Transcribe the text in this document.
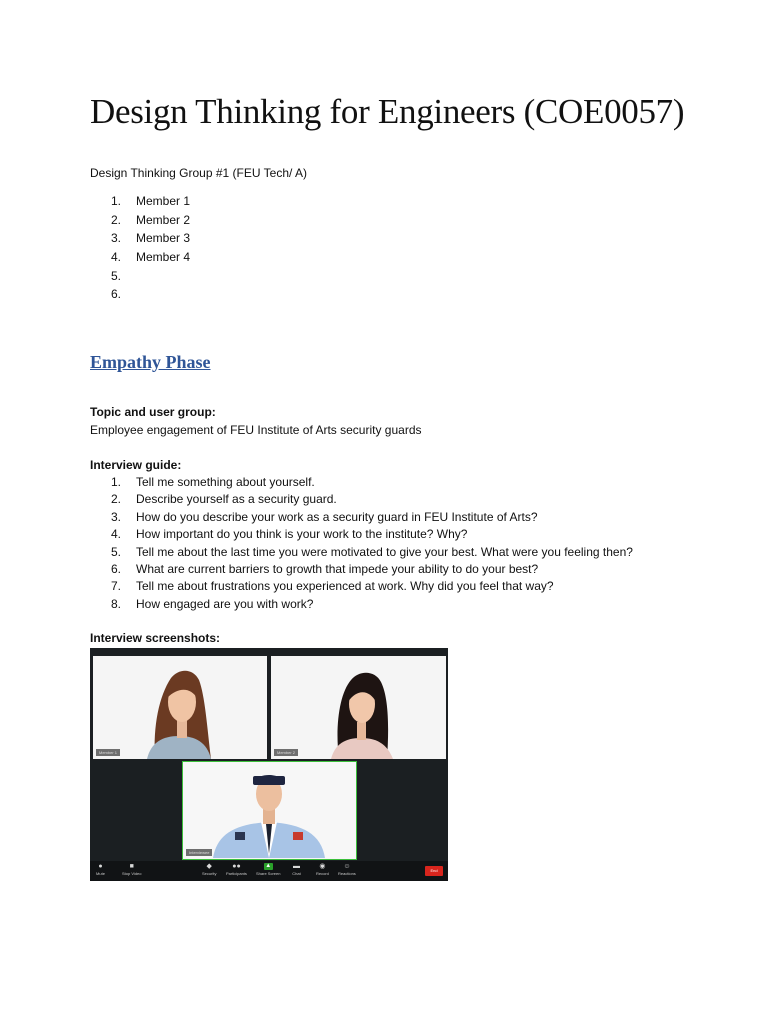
Design Thinking for Engineers (COE0057)
Design Thinking Group #1 (FEU Tech/ A)
1. Member 1
2. Member 2
3. Member 3
4. Member 4
5.
6.
Empathy Phase
Topic and user group:
Employee engagement of FEU Institute of Arts security guards
Interview guide:
1. Tell me something about yourself.
2. Describe yourself as a security guard.
3. How do you describe your work as a security guard in FEU Institute of Arts?
4. How important do you think is your work to the institute? Why?
5. Tell me about the last time you were motivated to give your best. What were you feeling then?
6. What are current barriers to growth that impede your ability to do your best?
7. Tell me about frustrations you experienced at work. Why did you feel that way?
8. How engaged are you with work?
Interview screenshots:
Member 1	Member 2
Interviewee
●
Mute
■
Stop Video
◆
Security
●●
Participants
▲
Share Screen
▬
Chat
◉
Record
☺
Reactions
End
